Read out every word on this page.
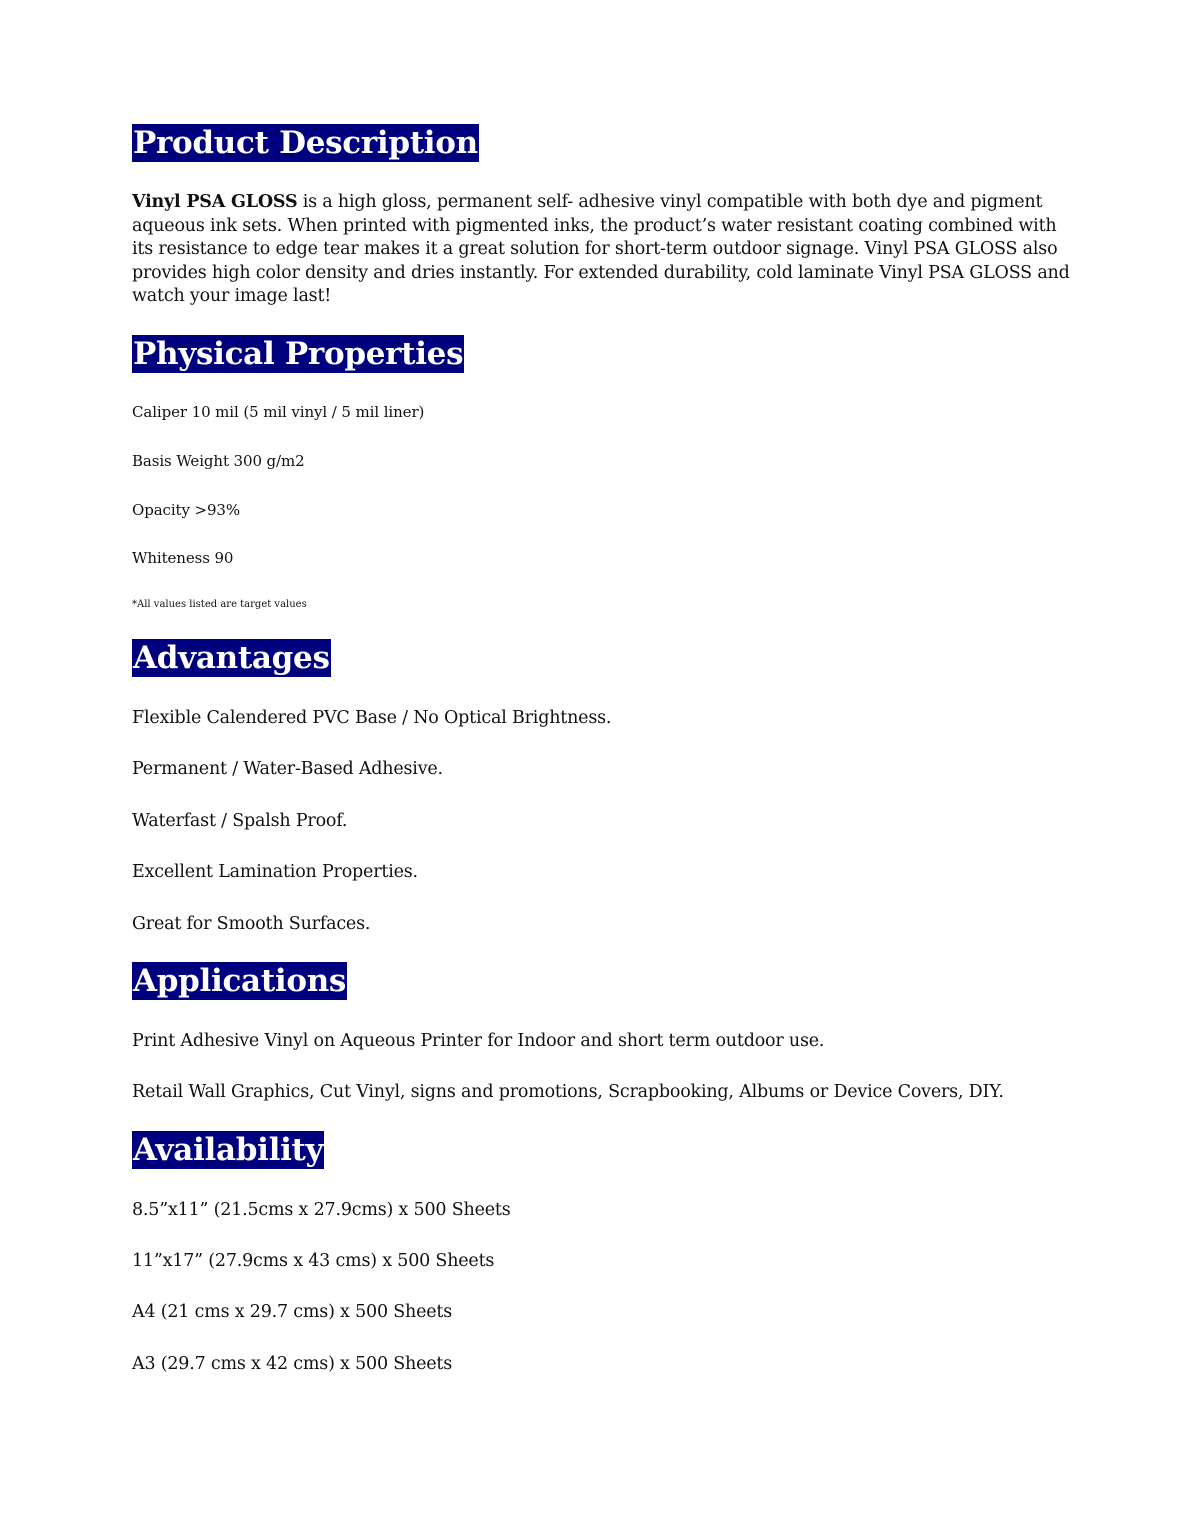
Product Description

Vinyl PSA GLOSS is a high gloss, permanent self- adhesive vinyl compatible with both dye and pigment aqueous ink sets. When printed with pigmented inks, the product’s water resistant coating combined with its resistance to edge tear makes it a great solution for short-term outdoor signage. Vinyl PSA GLOSS also provides high color density and dries instantly. For extended durability, cold laminate Vinyl PSA GLOSS and watch your image last!

Physical Properties

Caliper 10 mil (5 mil vinyl / 5 mil liner)

Basis Weight 300 g/m2

Opacity >93%

Whiteness 90

*All values listed are target values

Advantages

Flexible Calendered PVC Base / No Optical Brightness.

Permanent / Water-Based Adhesive.

Waterfast / Spalsh Proof.

Excellent Lamination Properties.

Great for Smooth Surfaces.

Applications

Print Adhesive Vinyl on Aqueous Printer for Indoor and short term outdoor use.

Retail Wall Graphics, Cut Vinyl, signs and promotions, Scrapbooking, Albums or Device Covers, DIY.

Availability

8.5”x11” (21.5cms x 27.9cms) x 500 Sheets

11”x17” (27.9cms x 43 cms) x 500 Sheets

A4 (21 cms x 29.7 cms) x 500 Sheets

A3 (29.7 cms x 42 cms) x 500 Sheets
